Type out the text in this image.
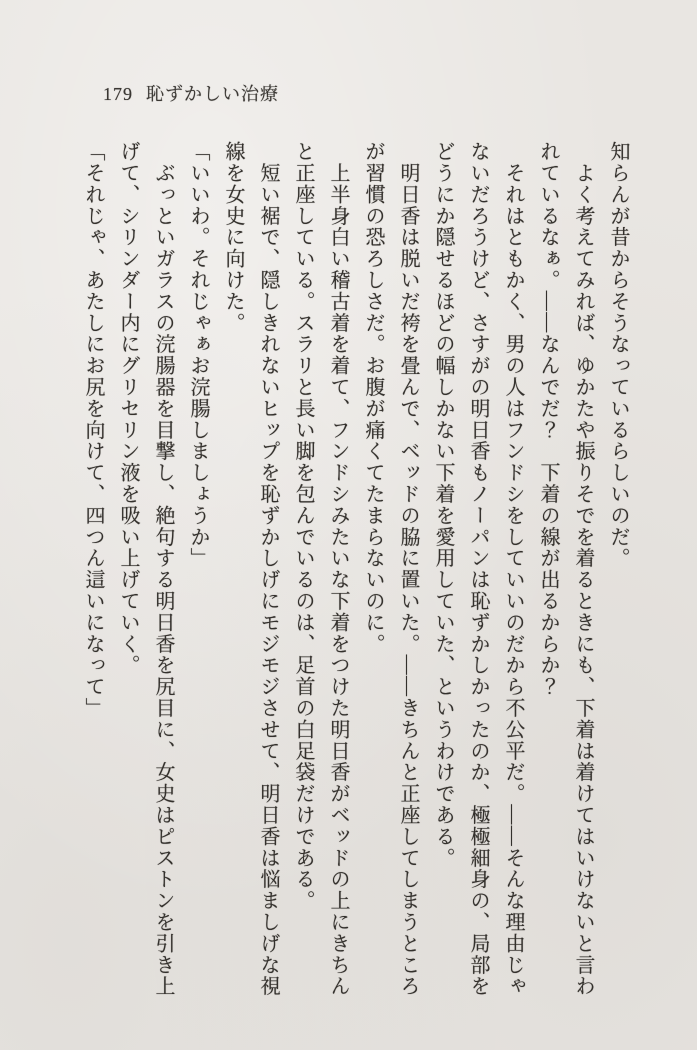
179 恥ずかしい治療

知らんが昔からそうなっているらしいのだ。

　よく考えてみれば、ゆかたや振りそでを着るときにも、下着は着けてはいけないと言わ

れているなぁ。――なんでだ？　下着の線が出るからか？

　それはともかく、男の人はフンドシをしていいのだから不公平だ。――そんな理由じゃ

ないだろうけど、さすがの明日香もノーパンは恥ずかしかったのか、極極細身の、局部を

どうにか隠せるほどの幅しかない下着を愛用していた、というわけである。

　明日香は脱いだ袴を畳んで、ベッドの脇に置いた。――きちんと正座してしまうところ

が習慣の恐ろしさだ。お腹が痛くてたまらないのに。

　上半身白い稽古着を着て、フンドシみたいな下着をつけた明日香がベッドの上にきちん

と正座している。スラリと長い脚を包んでいるのは、足首の白足袋だけである。

　短い裾で、隠しきれないヒップを恥ずかしげにモジモジさせて、明日香は悩ましげな視

線を女史に向けた。

「いいわ。それじゃぁお浣腸しましょうか」

　ぶっといガラスの浣腸器を目撃し、絶句する明日香を尻目に、女史はピストンを引き上

げて、シリンダー内にグリセリン液を吸い上げていく。

「それじゃ、あたしにお尻を向けて、四つん這いになって」
